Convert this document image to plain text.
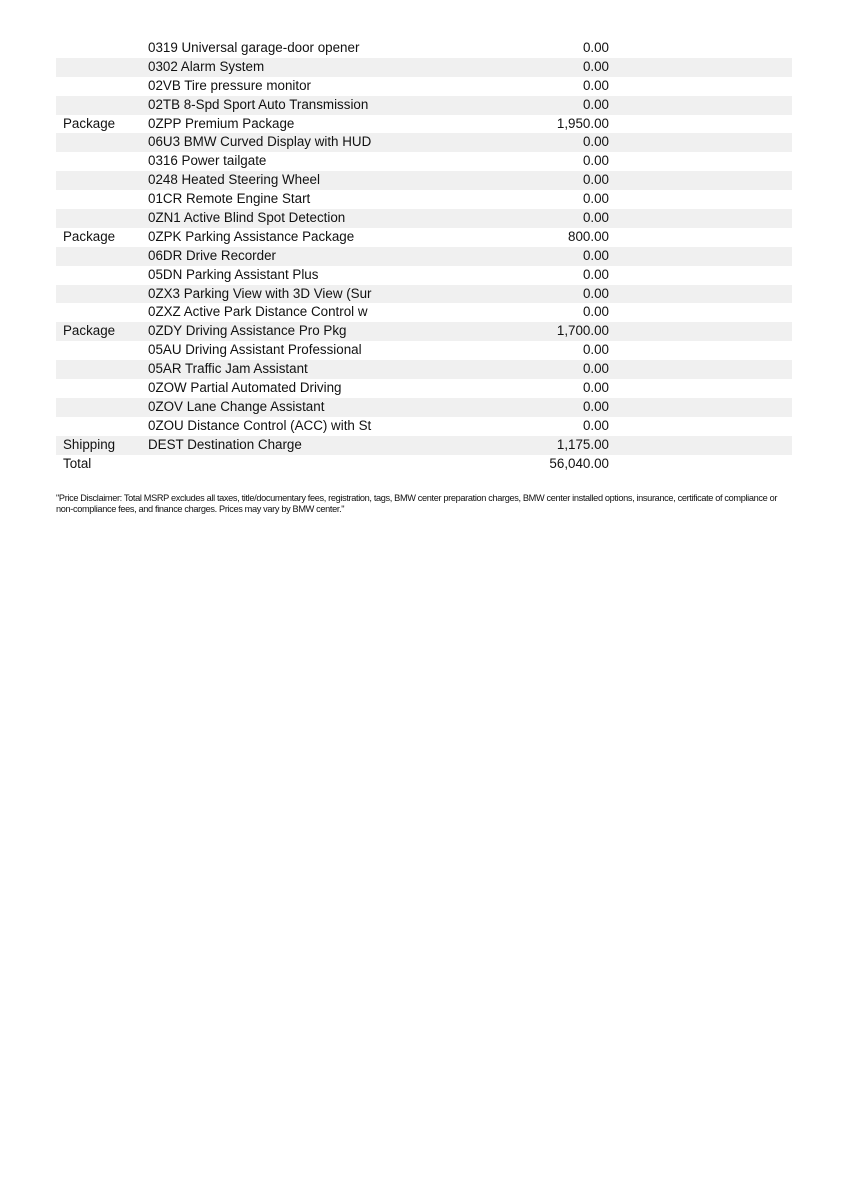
0319 Universal garage-door opener	0.00
0302 Alarm System	0.00
02VB Tire pressure monitor	0.00
02TB 8-Spd Sport Auto Transmission	0.00
Package	0ZPP Premium Package	1,950.00
06U3 BMW Curved Display with HUD	0.00
0316 Power tailgate	0.00
0248 Heated Steering Wheel	0.00
01CR Remote Engine Start	0.00
0ZN1 Active Blind Spot Detection	0.00
Package	0ZPK Parking Assistance Package	800.00
06DR Drive Recorder	0.00
05DN Parking Assistant Plus	0.00
0ZX3 Parking View with 3D View (Sur	0.00
0ZXZ Active Park Distance Control w	0.00
Package	0ZDY Driving Assistance Pro Pkg	1,700.00
05AU Driving Assistant Professional	0.00
05AR Traffic Jam Assistant	0.00
0ZOW Partial Automated Driving	0.00
0ZOV Lane Change Assistant	0.00
0ZOU Distance Control (ACC) with St	0.00
Shipping	DEST Destination Charge	1,175.00
Total	56,040.00

"Price Disclaimer: Total MSRP excludes all taxes, title/documentary fees, registration, tags, BMW center preparation charges, BMW center installed options, insurance, certificate of compliance or non-compliance fees, and finance charges. Prices may vary by BMW center."
